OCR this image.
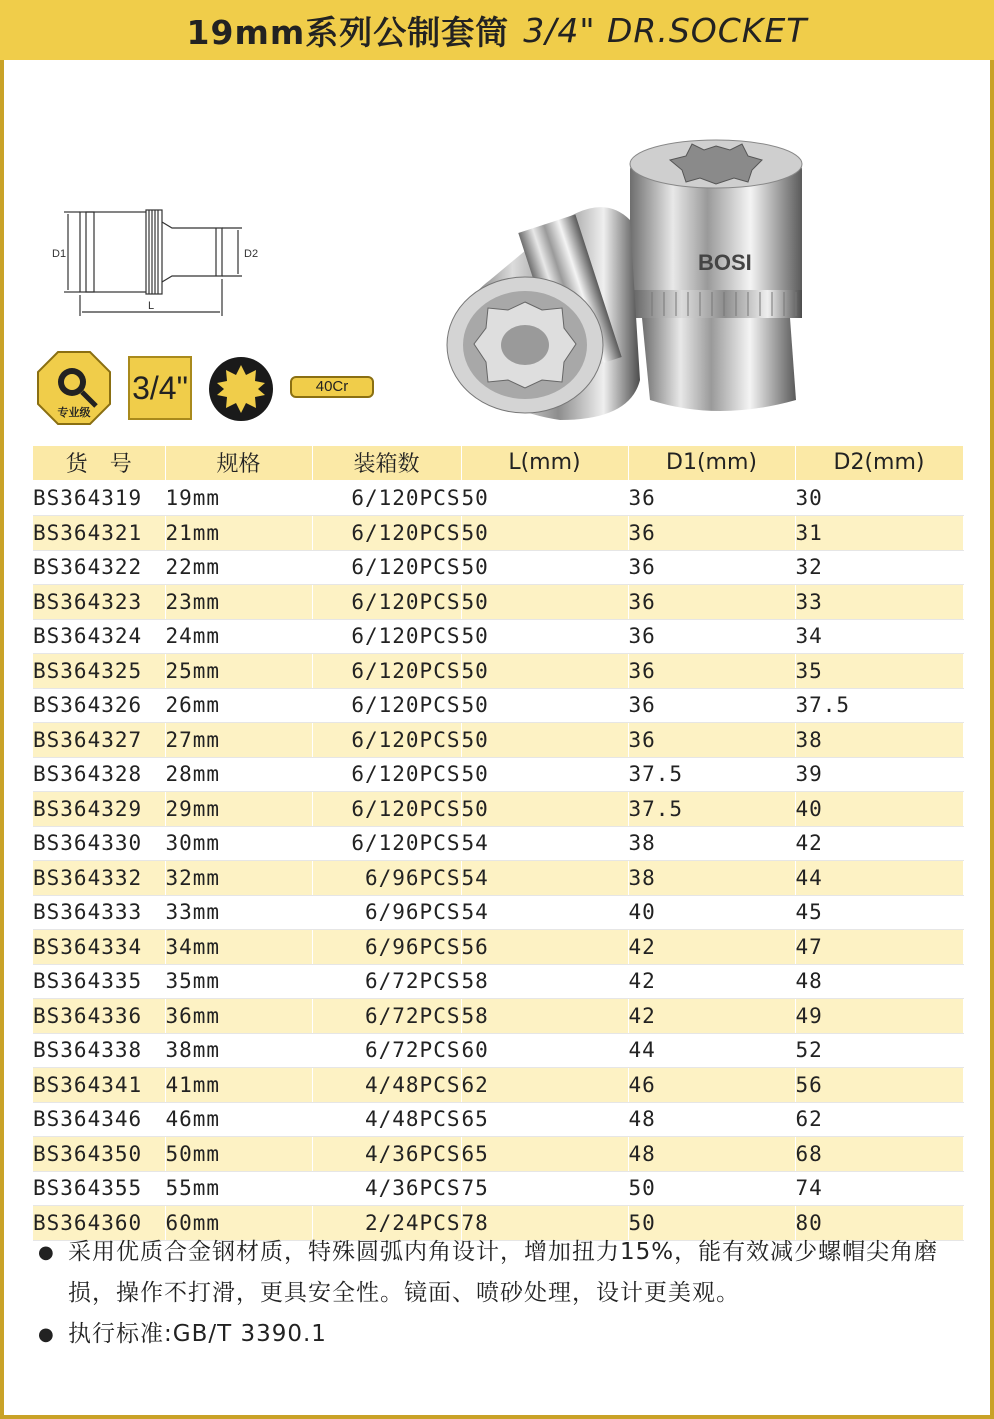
19mm系列公制套筒 3/4" DR.SOCKET
D1	D2
L
BOSI
专业级
3/4"	40Cr
货　号	规格	装箱数	L(mm)	D1(mm)	D2(mm)
BS364319	19mm	6/120PCS	50	36	30
BS364321	21mm	6/120PCS	50	36	31
BS364322	22mm	6/120PCS	50	36	32
BS364323	23mm	6/120PCS	50	36	33
BS364324	24mm	6/120PCS	50	36	34
BS364325	25mm	6/120PCS	50	36	35
BS364326	26mm	6/120PCS	50	36	37.5
BS364327	27mm	6/120PCS	50	36	38
BS364328	28mm	6/120PCS	50	37.5	39
BS364329	29mm	6/120PCS	50	37.5	40
BS364330	30mm	6/120PCS	54	38	42
BS364332	32mm	6/96PCS	54	38	44
BS364333	33mm	6/96PCS	54	40	45
BS364334	34mm	6/96PCS	56	42	47
BS364335	35mm	6/72PCS	58	42	48
BS364336	36mm	6/72PCS	58	42	49
BS364338	38mm	6/72PCS	60	44	52
BS364341	41mm	4/48PCS	62	46	56
BS364346	46mm	4/48PCS	65	48	62
BS364350	50mm	4/36PCS	65	48	68
BS364355	55mm	4/36PCS	75	50	74
BS364360	60mm	2/24PCS	78	50	80
● 采用优质合金钢材质，特殊圆弧内角设计，增加扭力15%，能有效减少螺帽尖角磨损，操作不打滑，更具安全性。镜面、喷砂处理，设计更美观。
● 执行标准:GB/T 3390.1
